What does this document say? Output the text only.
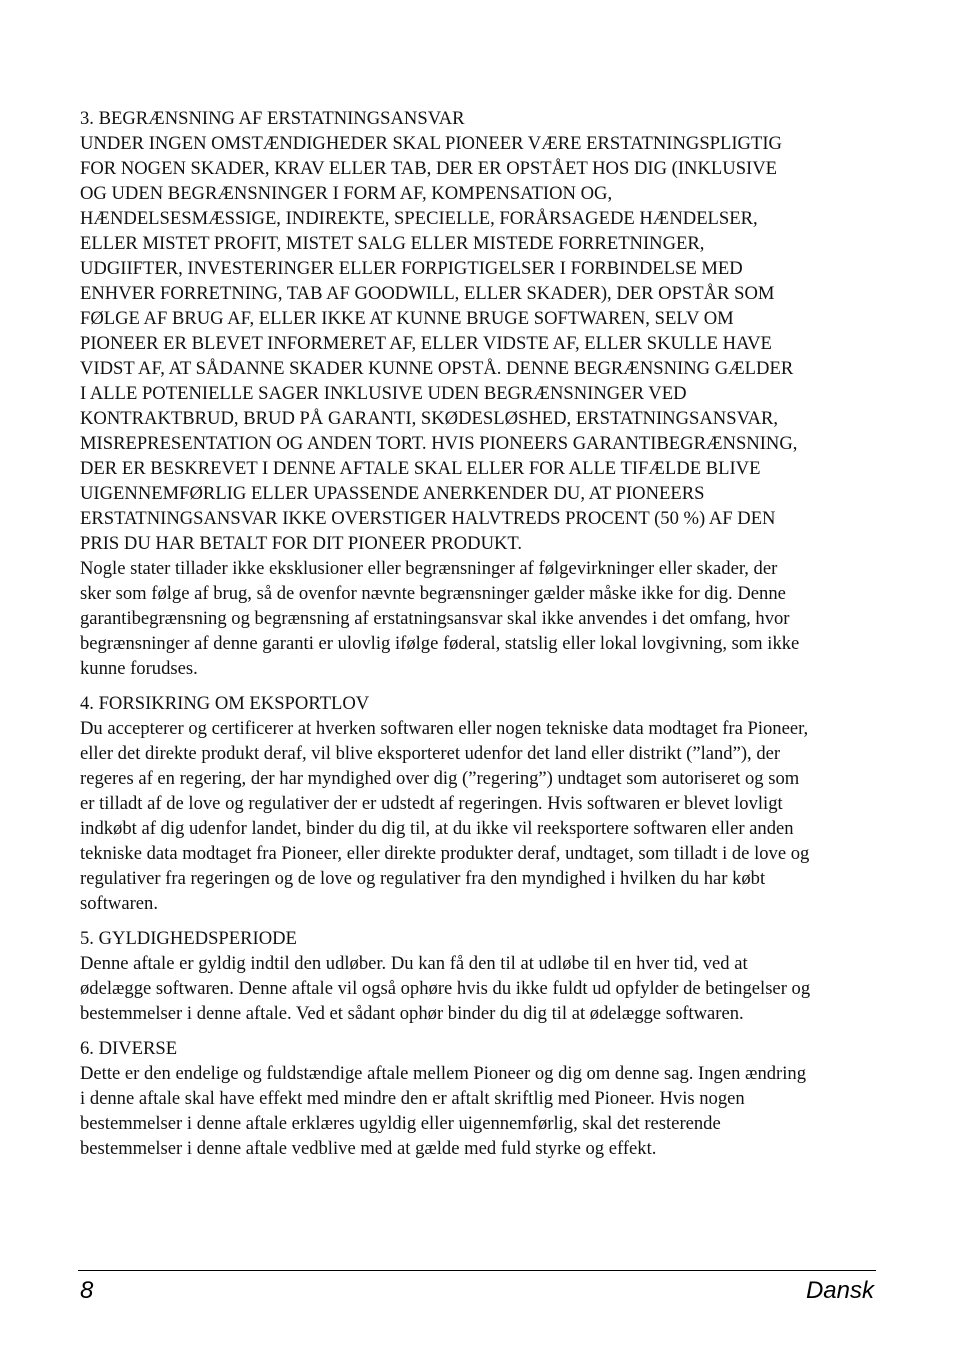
3. BEGRÆNSNING AF ERSTATNINGSANSVAR
UNDER INGEN OMSTÆNDIGHEDER SKAL PIONEER VÆRE ERSTATNINGSPLIGTIG
FOR NOGEN SKADER, KRAV ELLER TAB, DER ER OPSTÅET HOS DIG (INKLUSIVE
OG UDEN BEGRÆNSNINGER I FORM AF, KOMPENSATION OG,
HÆNDELSESMÆSSIGE, INDIREKTE, SPECIELLE, FORÅRSAGEDE HÆNDELSER,
ELLER MISTET PROFIT, MISTET SALG ELLER MISTEDE FORRETNINGER,
UDGIIFTER, INVESTERINGER ELLER FORPIGTIGELSER I FORBINDELSE MED
ENHVER FORRETNING, TAB AF GOODWILL, ELLER SKADER), DER OPSTÅR SOM
FØLGE AF BRUG AF, ELLER IKKE AT KUNNE BRUGE SOFTWAREN, SELV OM
PIONEER ER BLEVET INFORMERET AF, ELLER VIDSTE AF, ELLER SKULLE HAVE
VIDST AF, AT SÅDANNE SKADER KUNNE OPSTÅ. DENNE BEGRÆNSNING GÆLDER
I ALLE POTENIELLE SAGER INKLUSIVE UDEN BEGRÆNSNINGER VED
KONTRAKTBRUD, BRUD PÅ GARANTI, SKØDESLØSHED, ERSTATNINGSANSVAR,
MISREPRESENTATION OG ANDEN TORT. HVIS PIONEERS GARANTIBEGRÆNSNING,
DER ER BESKREVET I DENNE AFTALE SKAL ELLER FOR ALLE TIFÆLDE BLIVE
UIGENNEMFØRLIG ELLER UPASSENDE ANERKENDER DU, AT PIONEERS
ERSTATNINGSANSVAR IKKE OVERSTIGER HALVTREDS PROCENT (50 %) AF DEN
PRIS DU HAR BETALT FOR DIT PIONEER PRODUKT.
Nogle stater tillader ikke eksklusioner eller begrænsninger af følgevirkninger eller skader, der
sker som følge af brug, så de ovenfor nævnte begrænsninger gælder måske ikke for dig. Denne
garantibegrænsning og begrænsning af erstatningsansvar skal ikke anvendes i det omfang, hvor
begrænsninger af denne garanti er ulovlig ifølge føderal, statslig eller lokal lovgivning, som ikke
kunne forudses.
4. FORSIKRING OM EKSPORTLOV
Du accepterer og certificerer at hverken softwaren eller nogen tekniske data modtaget fra Pioneer,
eller det direkte produkt deraf, vil blive eksporteret udenfor det land eller distrikt (”land”), der
regeres af en regering, der har myndighed over dig (”regering”) undtaget som autoriseret og som
er tilladt af de love og regulativer der er udstedt af regeringen. Hvis softwaren er blevet lovligt
indkøbt af dig udenfor landet, binder du dig til, at du ikke vil reeksportere softwaren eller anden
tekniske data modtaget fra Pioneer, eller direkte produkter deraf, undtaget, som tilladt i de love og
regulativer fra regeringen og de love og regulativer fra den myndighed i hvilken du har købt
softwaren.
5. GYLDIGHEDSPERIODE
Denne aftale er gyldig indtil den udløber. Du kan få den til at udløbe til en hver tid, ved at
ødelægge softwaren. Denne aftale vil også ophøre hvis du ikke fuldt ud opfylder de betingelser og
bestemmelser i denne aftale. Ved et sådant ophør binder du dig til at ødelægge softwaren.
6. DIVERSE
Dette er den endelige og fuldstændige aftale mellem Pioneer og dig om denne sag. Ingen ændring
i denne aftale skal have effekt med mindre den er aftalt skriftlig med Pioneer. Hvis nogen
bestemmelser i denne aftale erklæres ugyldig eller uigennemførlig, skal det resterende
bestemmelser i denne aftale vedblive med at gælde med fuld styrke og effekt.
8	Dansk
